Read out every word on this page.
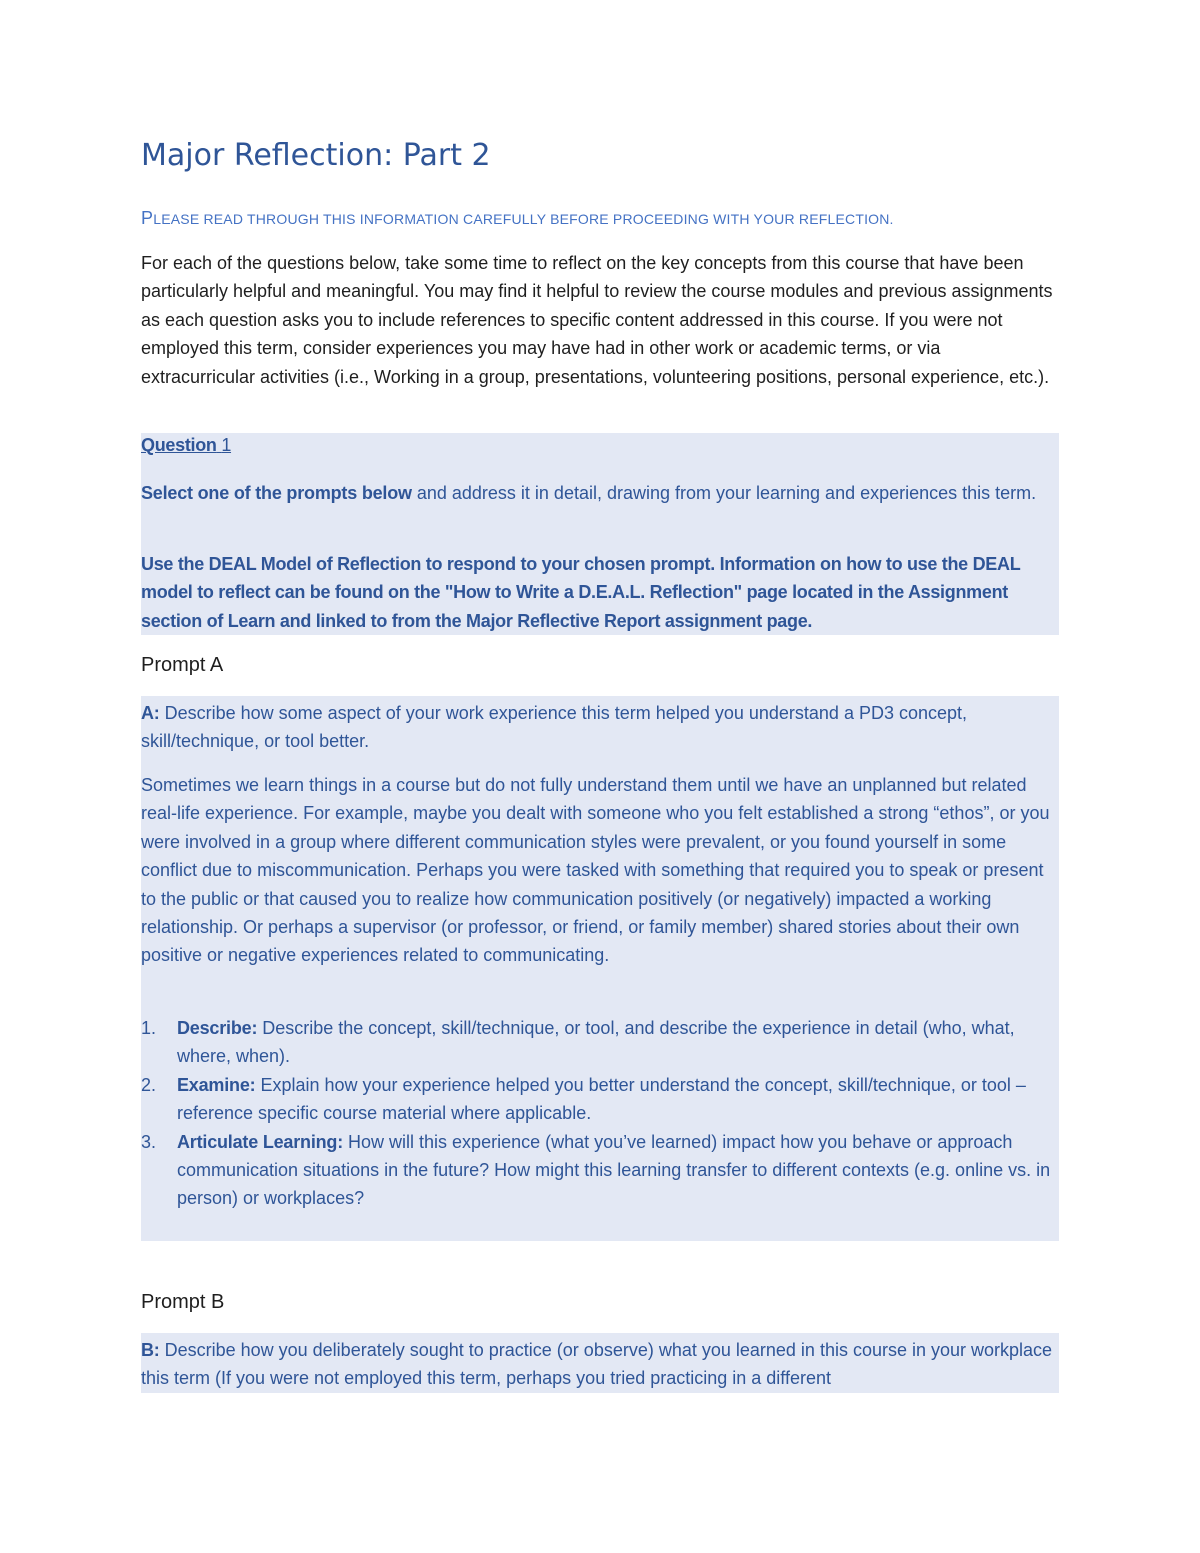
Major Reflection: Part 2
PLEASE READ THROUGH THIS INFORMATION CAREFULLY BEFORE PROCEEDING WITH YOUR REFLECTION.

For each of the questions below, take some time to reflect on the key concepts from this course that have been particularly helpful and meaningful. You may find it helpful to review the course modules and previous assignments as each question asks you to include references to specific content addressed in this course. If you were not employed this term, consider experiences you may have had in other work or academic terms, or via extracurricular activities (i.e., Working in a group, presentations, volunteering positions, personal experience, etc.).

Question 1

Select one of the prompts below and address it in detail, drawing from your learning and experiences this term.

Use the DEAL Model of Reflection to respond to your chosen prompt. Information on how to use the DEAL model to reflect can be found on the "How to Write a D.E.A.L. Reflection" page located in the Assignment section of Learn and linked to from the Major Reflective Report assignment page.

Prompt A

A: Describe how some aspect of your work experience this term helped you understand a PD3 concept, skill/technique, or tool better.

Sometimes we learn things in a course but do not fully understand them until we have an unplanned but related real-life experience. For example, maybe you dealt with someone who you felt established a strong “ethos”, or you were involved in a group where different communication styles were prevalent, or you found yourself in some conflict due to miscommunication. Perhaps you were tasked with something that required you to speak or present to the public or that caused you to realize how communication positively (or negatively) impacted a working relationship. Or perhaps a supervisor (or professor, or friend, or family member) shared stories about their own positive or negative experiences related to communicating.

1. Describe: Describe the concept, skill/technique, or tool, and describe the experience in detail (who, what, where, when).
2. Examine: Explain how your experience helped you better understand the concept, skill/technique, or tool – reference specific course material where applicable.
3. Articulate Learning: How will this experience (what you’ve learned) impact how you behave or approach communication situations in the future? How might this learning transfer to different contexts (e.g. online vs. in person) or workplaces?
Prompt B

B: Describe how you deliberately sought to practice (or observe) what you learned in this course in your workplace this term (If you were not employed this term, perhaps you tried practicing in a different
